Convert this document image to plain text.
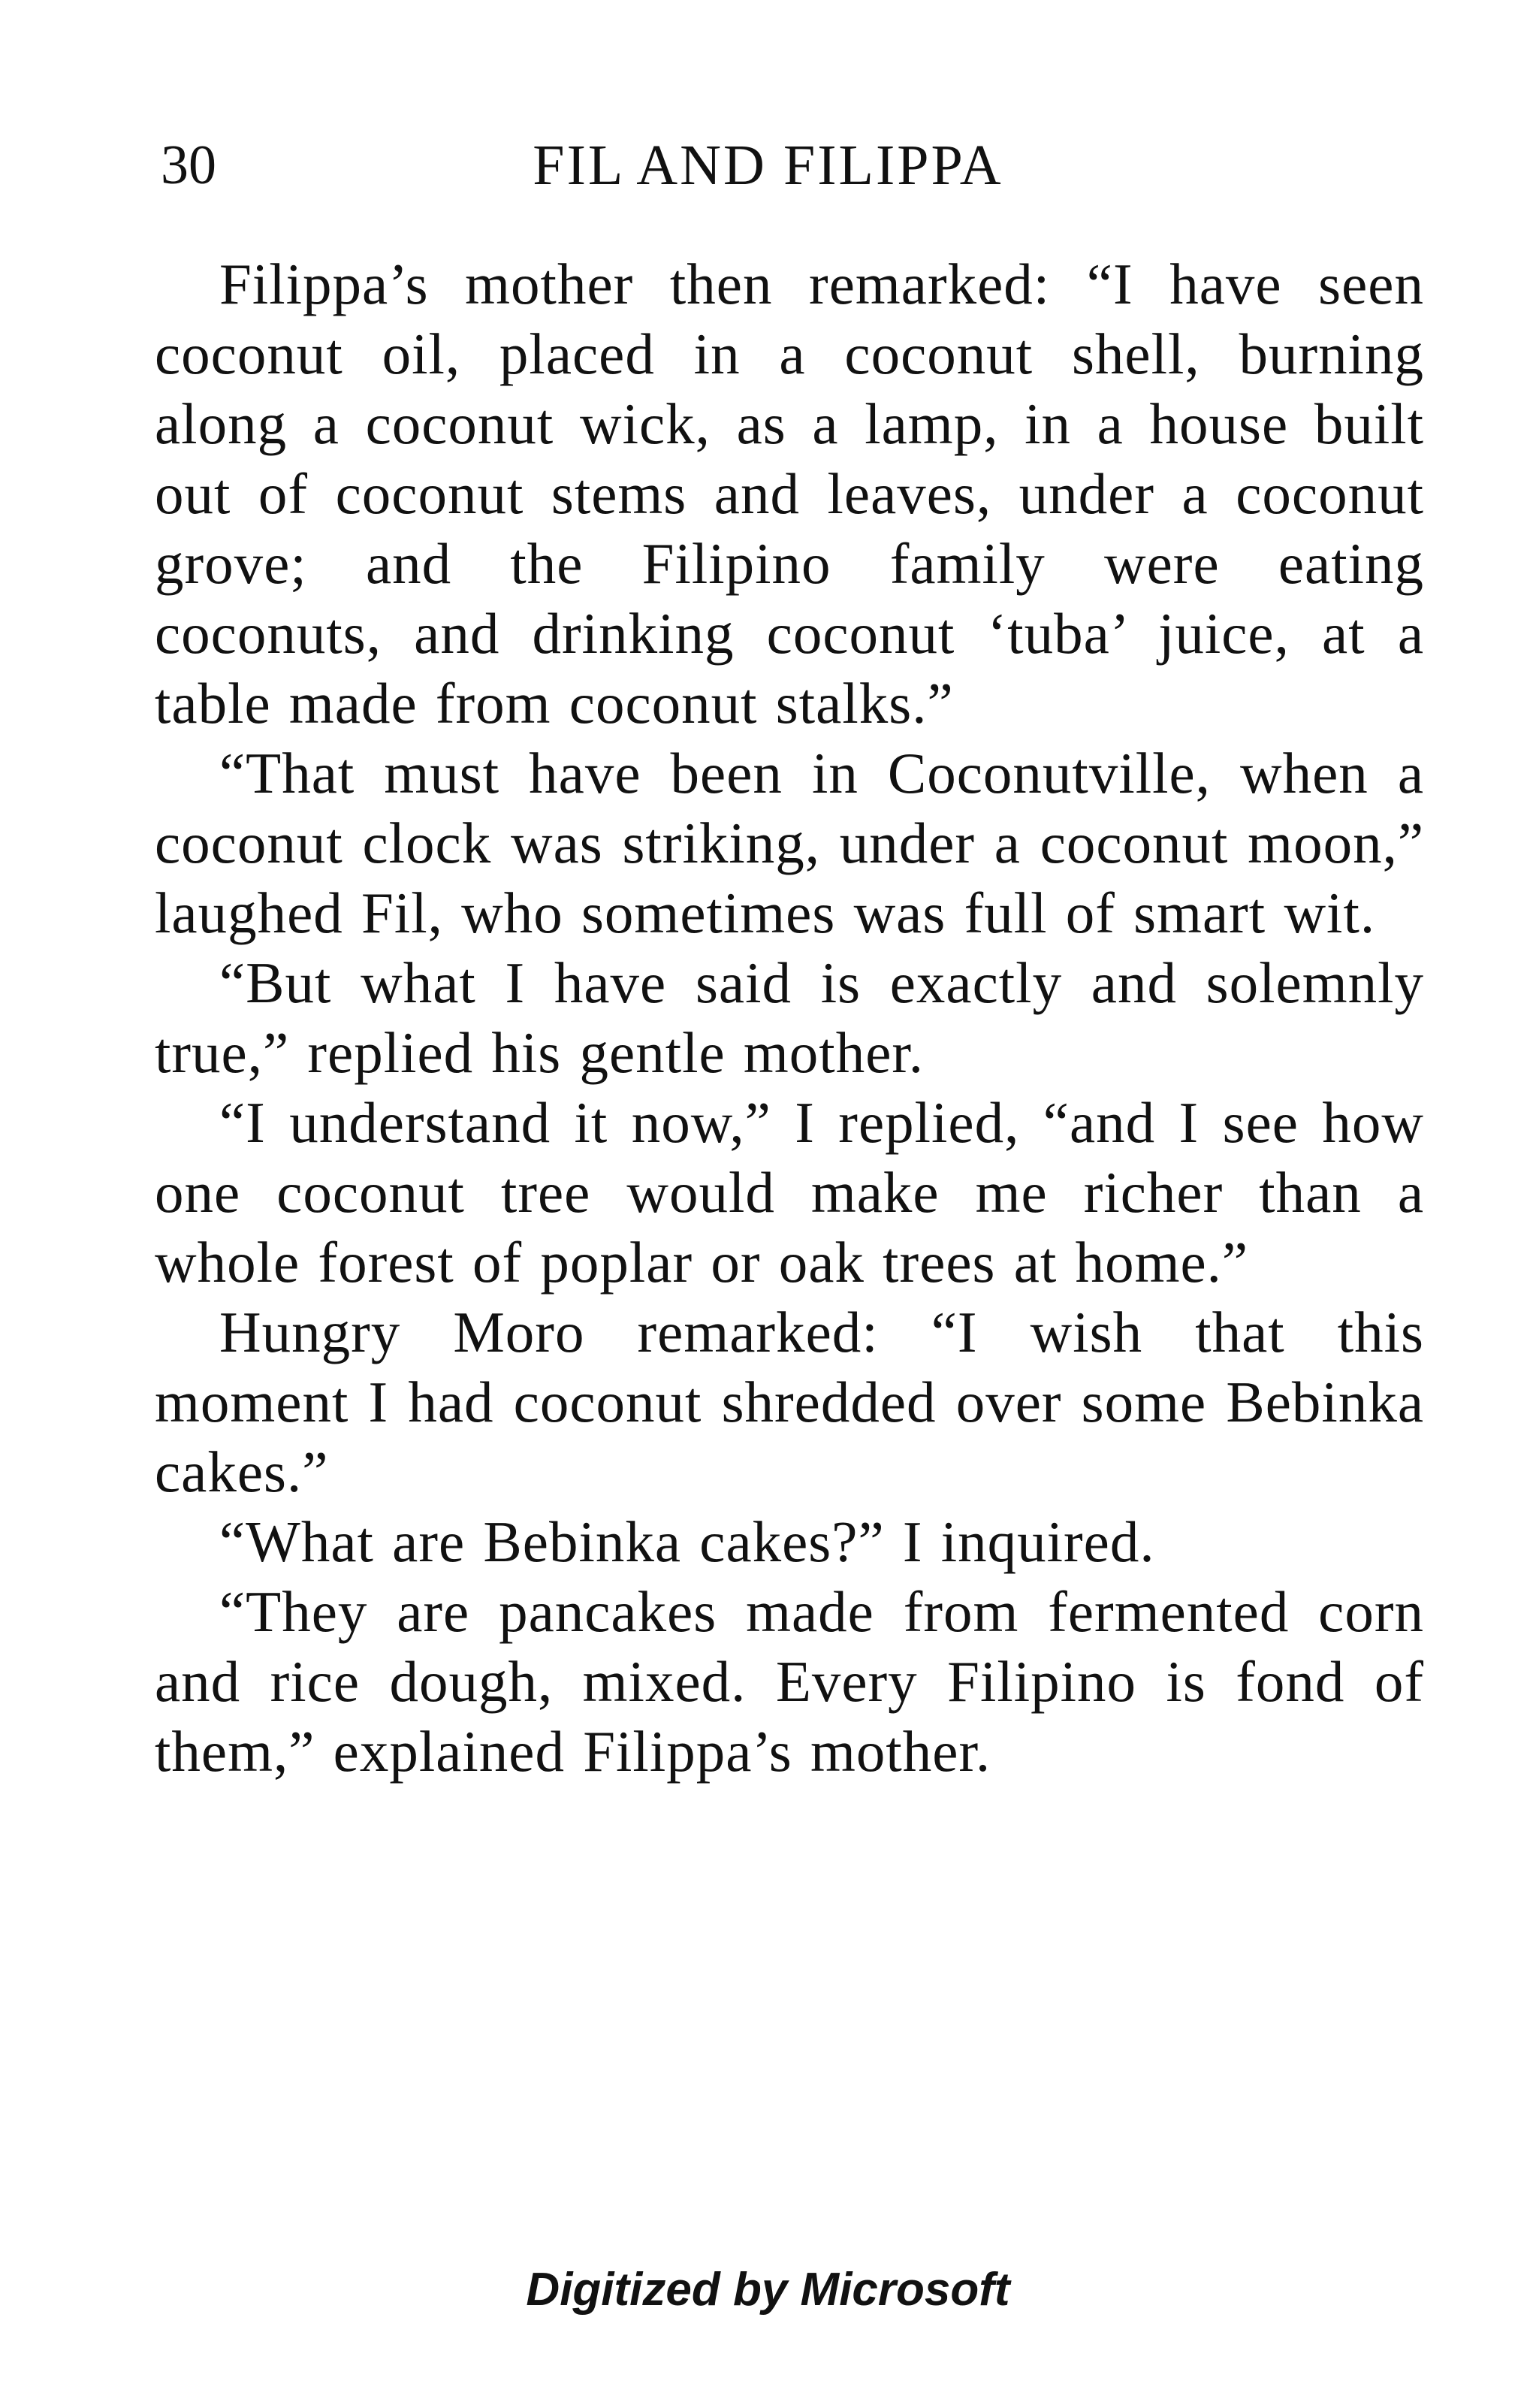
30	FIL AND FILIPPA

Filippa’s mother then remarked: “I have seen coconut oil, placed in a coconut shell, burning along a coconut wick, as a lamp, in a house built out of coconut stems and leaves, under a coconut grove; and the Filipino family were eating coconuts, and drinking coconut ‘tuba’ juice, at a table made from coconut stalks.”

“That must have been in Coconutville, when a coconut clock was striking, under a coconut moon,” laughed Fil, who sometimes was full of smart wit.

“But what I have said is exactly and solemnly true,” replied his gentle mother.

“I understand it now,” I replied, “and I see how one coconut tree would make me richer than a whole forest of poplar or oak trees at home.”

Hungry Moro remarked: “I wish that this moment I had coconut shredded over some Bebinka cakes.”

“What are Bebinka cakes?” I inquired.

“They are pancakes made from fermented corn and rice dough, mixed. Every Filipino is fond of them,” explained Filippa’s mother.

Digitized by Microsoft
